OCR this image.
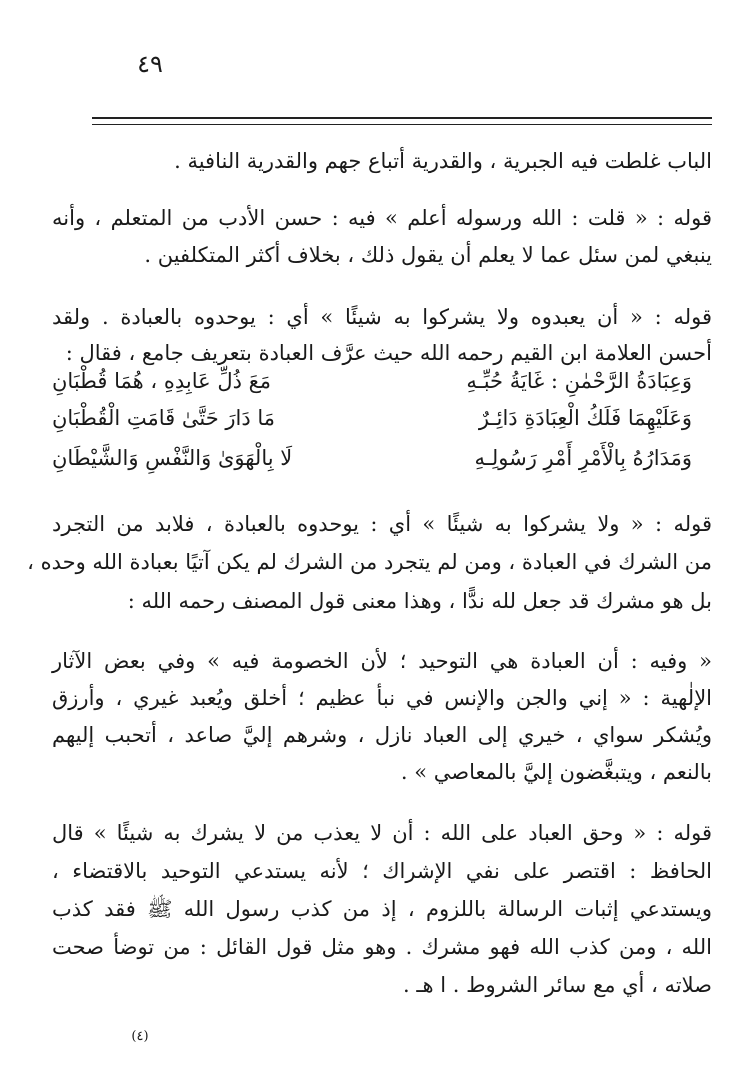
٤٩
الباب غلطت فيه الجبرية ، والقدرية أتباع جهم والقدرية النافية .
قوله : « قلت : الله ورسوله أعلم » فيه : حسن الأدب من المتعلم ، وأنه
ينبغي لمن سئل عما لا يعلم أن يقول ذلك ، بخلاف أكثر المتكلفين .
قوله : « أن يعبدوه ولا يشركوا به شيئًا » أي : يوحدوه بالعبادة . ولقد
أحسن العلامة ابن القيم رحمه الله حيث عرَّف العبادة بتعريف جامع ، فقال :
وَعِبَادَةُ الرَّحْمٰنِ : غَايَةُ حُبِّـهِ
مَعَ ذُلِّ عَابِدِهِ ، هُمَا قُطْبَانِ
وَعَلَيْهِمَا فَلَكُ الْعِبَادَةِ دَائِـرٌ
مَا دَارَ حَتَّىٰ قَامَتِ الْقُطْبَانِ
وَمَدَارُهُ بِالْأَمْرِ أَمْرِ رَسُولِـهِ
لَا بِالْهَوَىٰ وَالنَّفْسِ وَالشَّيْطَانِ
قوله : « ولا يشركوا به شيئًا » أي : يوحدوه بالعبادة ، فلابد من التجرد
من الشرك في العبادة ، ومن لم يتجرد من الشرك لم يكن آتيًا بعبادة الله وحده ،
بل هو مشرك قد جعل لله ندًّا ، وهذا معنى قول المصنف رحمه الله :
« وفيه : أن العبادة هي التوحيد ؛ لأن الخصومة فيه » وفي بعض الآثار
الإلٰهية : « إني والجن والإنس في نبأ عظيم ؛ أخلق ويُعبد غيري ، وأرزق
ويُشكر سواي ، خيري إلى العباد نازل ، وشرهم إليَّ صاعد ، أتحبب إليهم
بالنعم ، ويتبغَّضون إليَّ بالمعاصي » .
قوله : « وحق العباد على الله : أن لا يعذب من لا يشرك به شيئًا » قال
الحافظ : اقتصر على نفي الإشراك ؛ لأنه يستدعي التوحيد بالاقتضاء ،
ويستدعي إثبات الرسالة باللزوم ، إذ من كذب رسول الله ﷺ فقد كذب
الله ، ومن كذب الله فهو مشرك . وهو مثل قول القائل : من توضأ صحت
صلاته ، أي مع سائر الشروط . ا هـ .
(٤)
